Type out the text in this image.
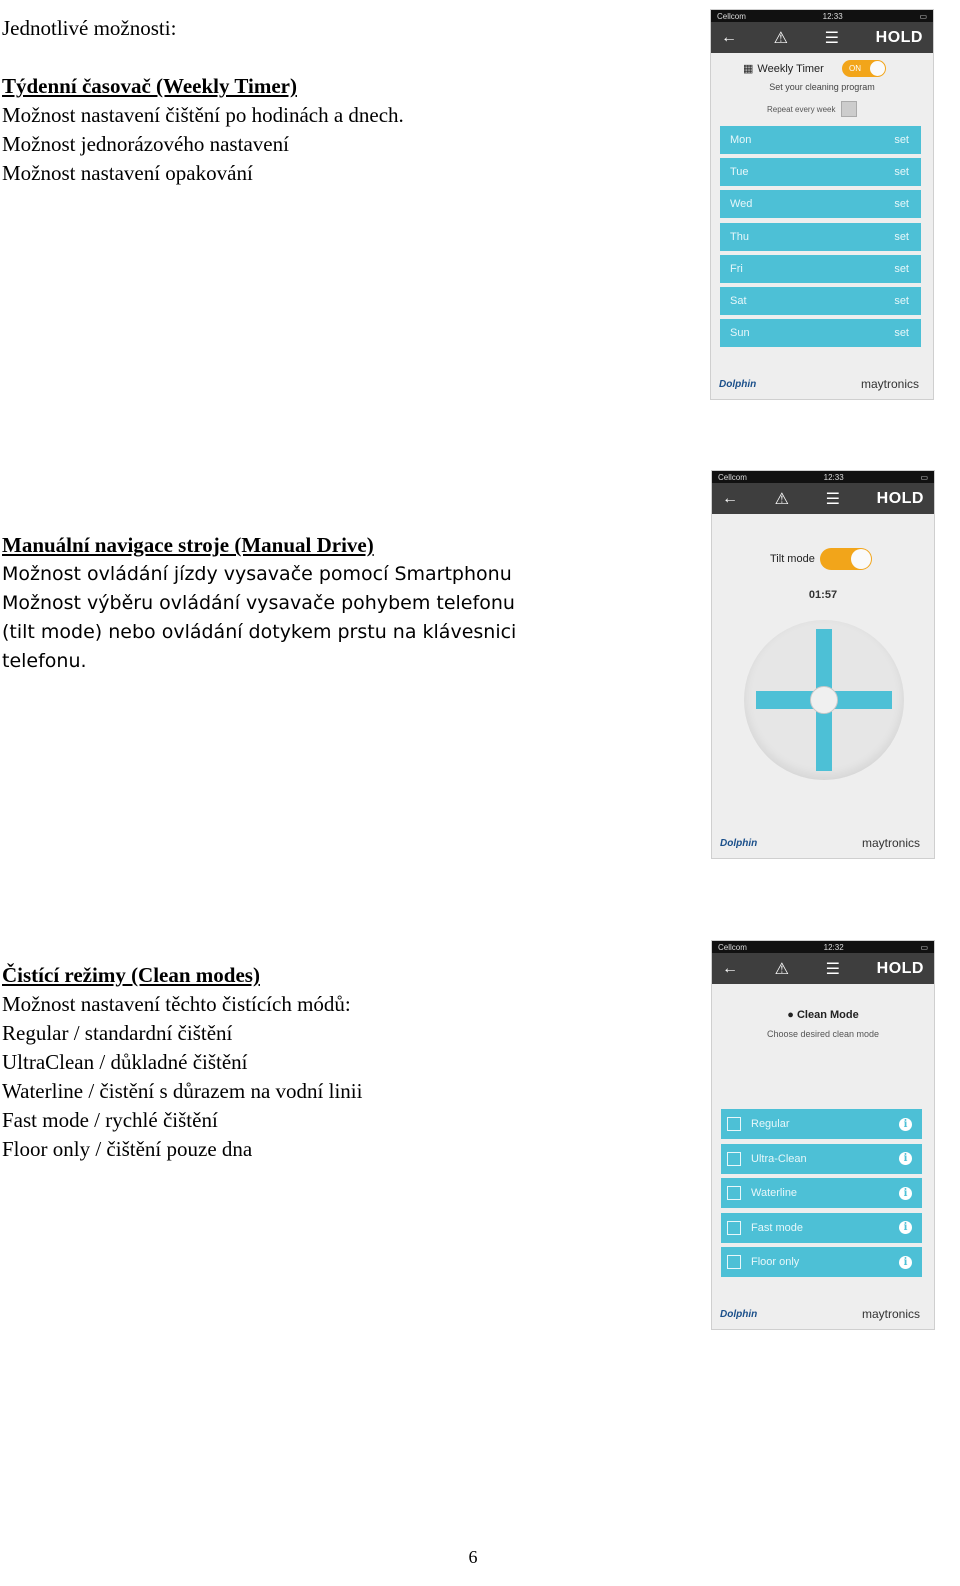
Jednotlivé možnosti:

Týdenní časovač (Weekly Timer)
Možnost nastavení čištění po hodinách a dnech.
Možnost jednorázového nastavení
Možnost nastavení opakování
Manuální navigace stroje (Manual Drive)
Možnost ovládání jízdy vysavače pomocí Smartphonu
Možnost výběru ovládání vysavače pohybem telefonu
(tilt mode) nebo ovládání dotykem prstu na klávesnici
telefonu.
Čistící režimy (Clean modes)
Možnost nastavení těchto čistících módů:
Regular / standardní čištění
UltraClean / důkladné čištění
Waterline / čistění s důrazem na vodní linii
Fast mode / rychlé čištění
Floor only / čištění pouze dna
Cellcom	12:33	▭
← ⚠ ☰ HOLD
▦ Weekly Timer	ON
Set your cleaning program
Repeat every week
Mon	set
Tue	set
Wed	set
Thu	set
Fri	set
Sat	set
Sun	set
Dolphin	maytronics
Cellcom	12:33	▭
← ⚠ ☰ HOLD
Tilt mode
01:57
Dolphin	maytronics
Cellcom	12:32	▭
← ⚠ ☰ HOLD
● Clean Mode
Choose desired clean mode
Regular	i
Ultra-Clean	i
Waterline	i
Fast mode	i
Floor only	i
Dolphin	maytronics
6
